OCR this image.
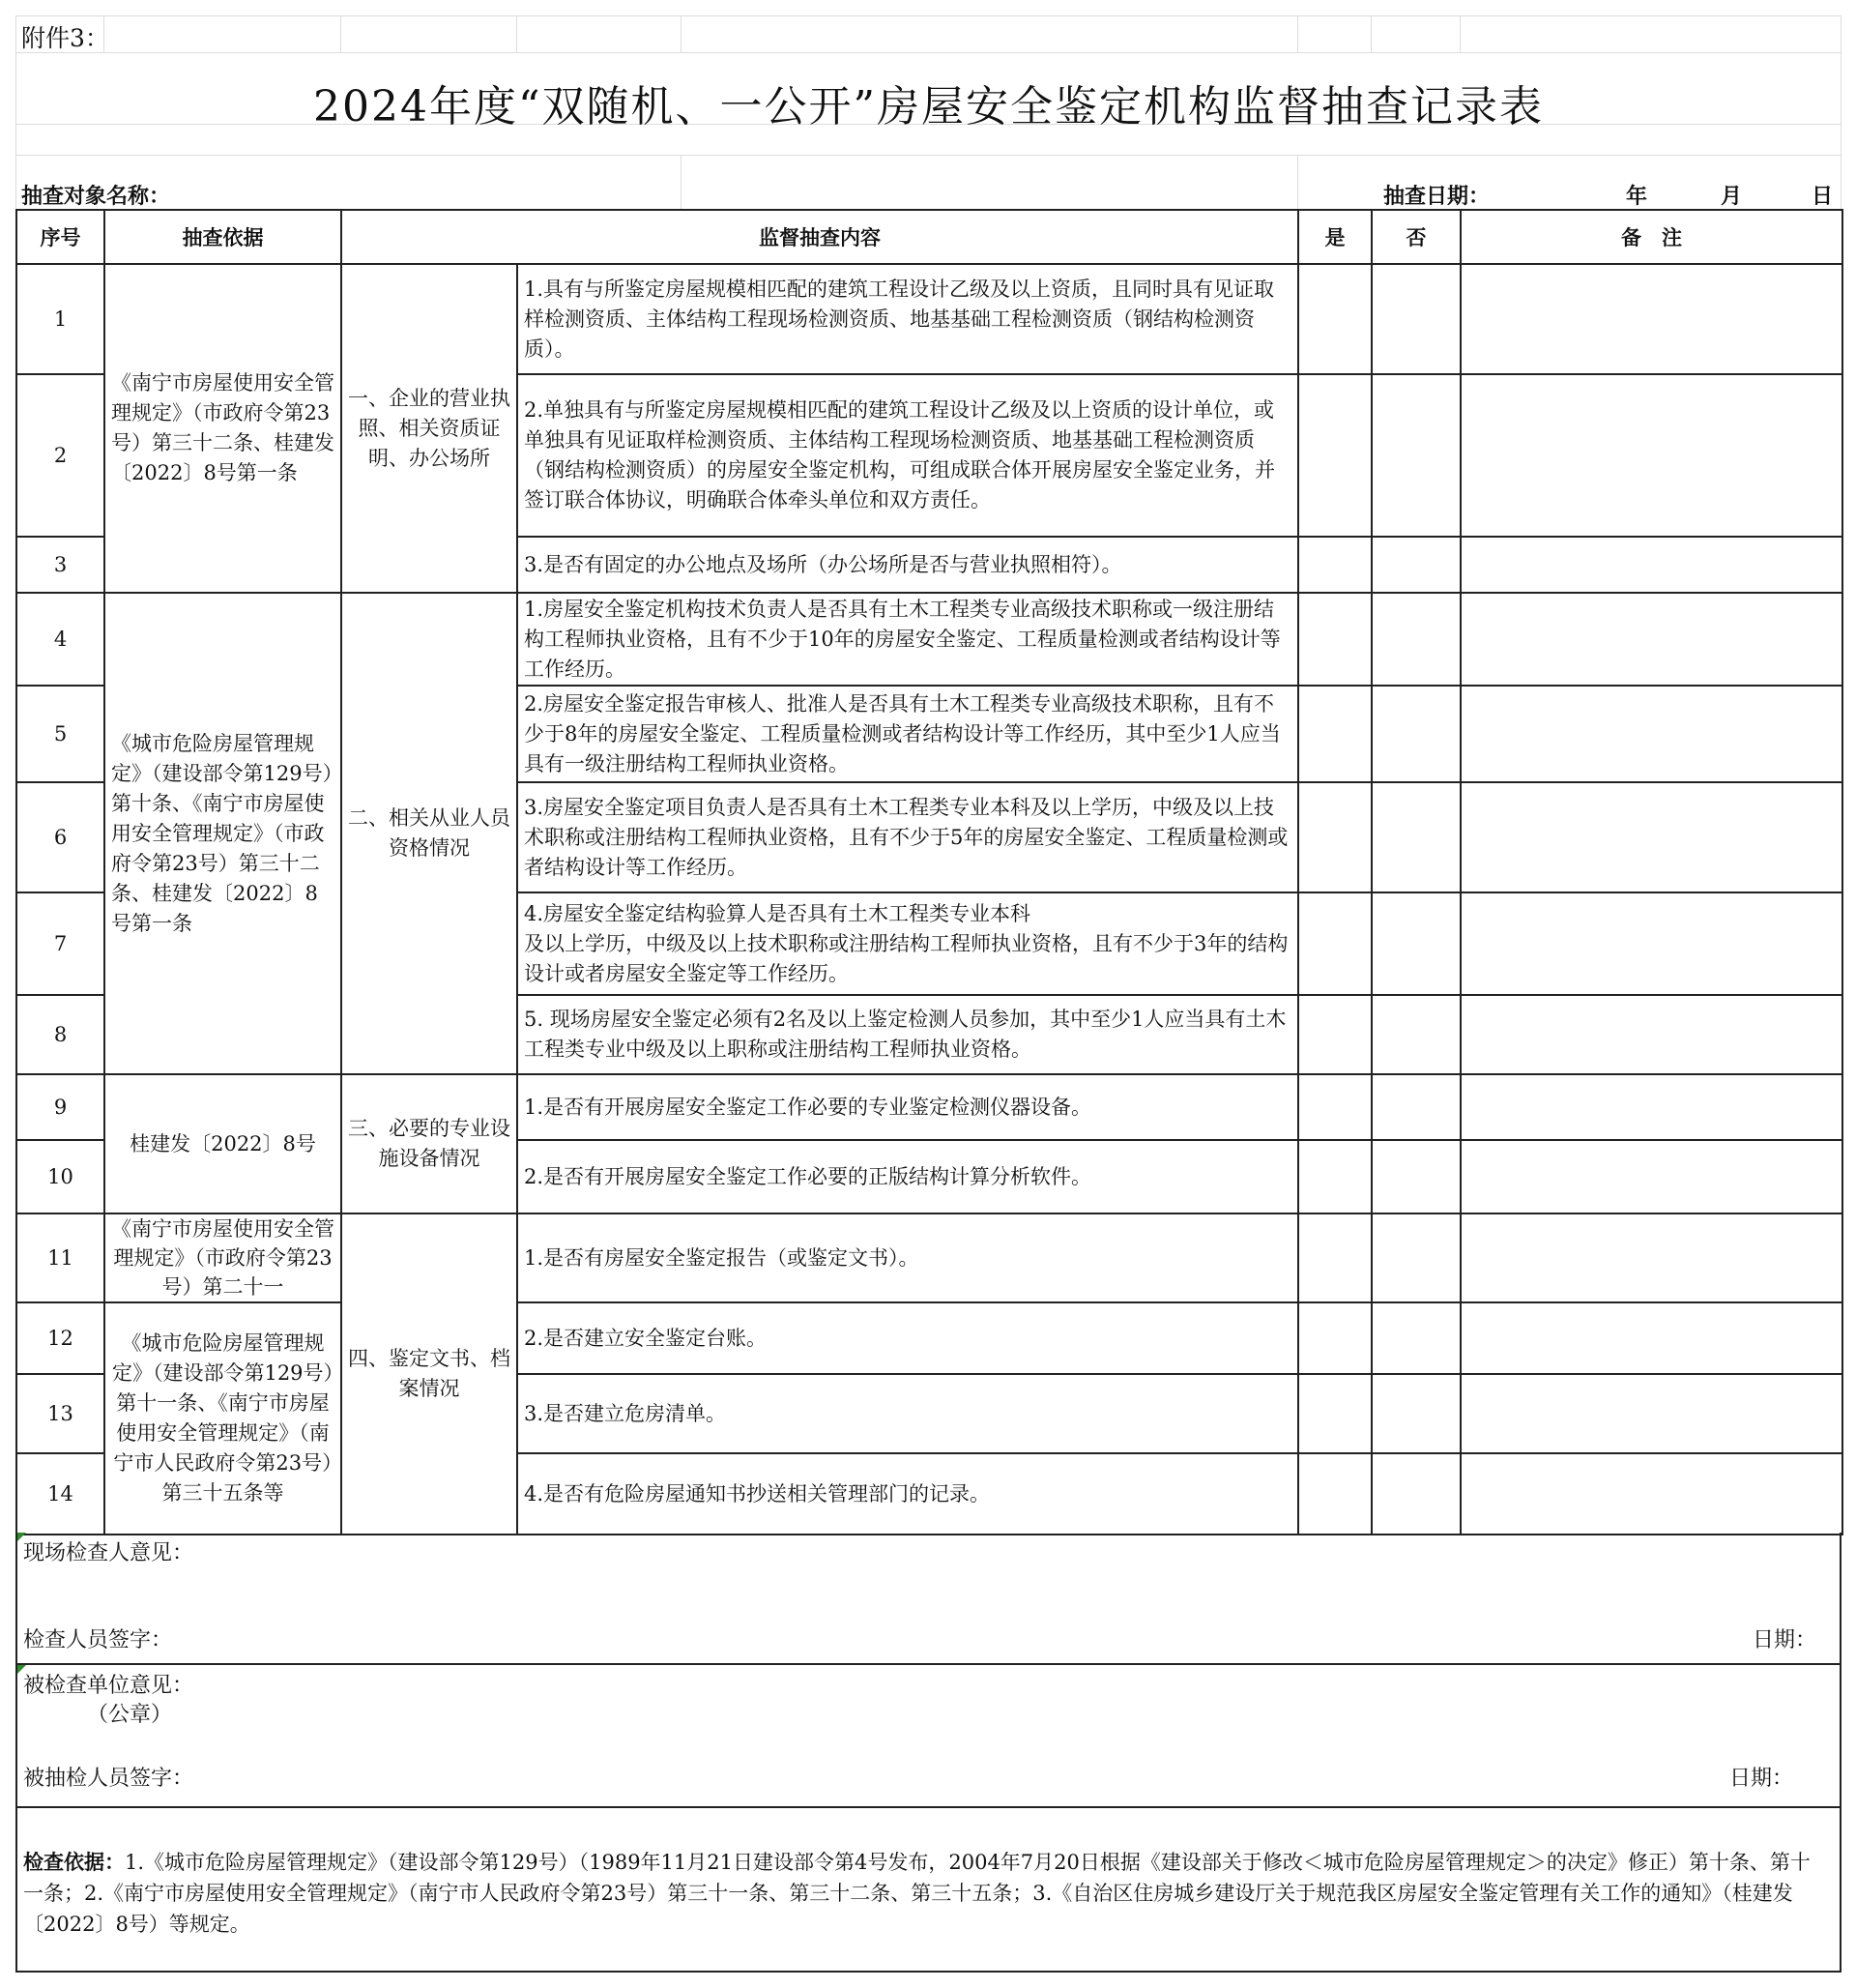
附件3：
2024年度“双随机、一公开”房屋安全鉴定机构监督抽查记录表
抽查对象名称：	抽查日期：	年	月	日
序号	抽查依据	监督抽查内容		是	否	备　注
1	《南宁市房屋使用安全管理规定》（市政府令第23号）第三十二条、桂建发〔2022〕8号第一条	一、企业的营业执照、相关资质证明、办公场所	1.具有与所鉴定房屋规模相匹配的建筑工程设计乙级及以上资质，且同时具有见证取样检测资质、主体结构工程现场检测资质、地基基础工程检测资质（钢结构检测资质）。			
2			2.单独具有与所鉴定房屋规模相匹配的建筑工程设计乙级及以上资质的设计单位，或单独具有见证取样检测资质、主体结构工程现场检测资质、地基基础工程检测资质（钢结构检测资质）的房屋安全鉴定机构，可组成联合体开展房屋安全鉴定业务，并签订联合体协议，明确联合体牵头单位和双方责任。			
3			3.是否有固定的办公地点及场所（办公场所是否与营业执照相符）。			
4	《城市危险房屋管理规定》（建设部令第129号）第十条、《南宁市房屋使用安全管理规定》（市政府令第23号）第三十二条、桂建发〔2022〕8号第一条	二、相关从业人员资格情况	1.房屋安全鉴定机构技术负责人是否具有土木工程类专业高级技术职称或一级注册结构工程师执业资格，且有不少于10年的房屋安全鉴定、工程质量检测或者结构设计等工作经历。			
5			2.房屋安全鉴定报告审核人、批准人是否具有土木工程类专业高级技术职称，且有不少于8年的房屋安全鉴定、工程质量检测或者结构设计等工作经历，其中至少1人应当具有一级注册结构工程师执业资格。			
6			3.房屋安全鉴定项目负责人是否具有土木工程类专业本科及以上学历，中级及以上技术职称或注册结构工程师执业资格，且有不少于5年的房屋安全鉴定、工程质量检测或者结构设计等工作经历。			
7			4.房屋安全鉴定结构验算人是否具有土木工程类专业本科
及以上学历，中级及以上技术职称或注册结构工程师执业资格，且有不少于3年的结构设计或者房屋安全鉴定等工作经历。			
8			5. 现场房屋安全鉴定必须有2名及以上鉴定检测人员参加，其中至少1人应当具有土木工程类专业中级及以上职称或注册结构工程师执业资格。			
9	桂建发〔2022〕8号	三、必要的专业设施设备情况	1.是否有开展房屋安全鉴定工作必要的专业鉴定检测仪器设备。			
10			2.是否有开展房屋安全鉴定工作必要的正版结构计算分析软件。			
11	《南宁市房屋使用安全管理规定》（市政府令第23号）第二十一	四、鉴定文书、档案情况	1.是否有房屋安全鉴定报告（或鉴定文书）。			
12	《城市危险房屋管理规定》（建设部令第129号）第十一条、《南宁市房屋使用安全管理规定》（南宁市人民政府令第23号）第三十五条等		2.是否建立安全鉴定台账。			
13			3.是否建立危房清单。			
14			4.是否有危险房屋通知书抄送相关管理部门的记录。			
现场检查人意见：
检查人员签字：	日期：
被检查单位意见：
（公章）
被抽检人员签字：	日期：
检查依据：1.《城市危险房屋管理规定》（建设部令第129号）（1989年11月21日建设部令第4号发布，2004年7月20日根据《建设部关于修改＜城市危险房屋管理规定＞的决定》修正）第十条、第十一条；2.《南宁市房屋使用安全管理规定》（南宁市人民政府令第23号）第三十一条、第三十二条、第三十五条；3.《自治区住房城乡建设厅关于规范我区房屋安全鉴定管理有关工作的通知》（桂建发〔2022〕8号）等规定。
